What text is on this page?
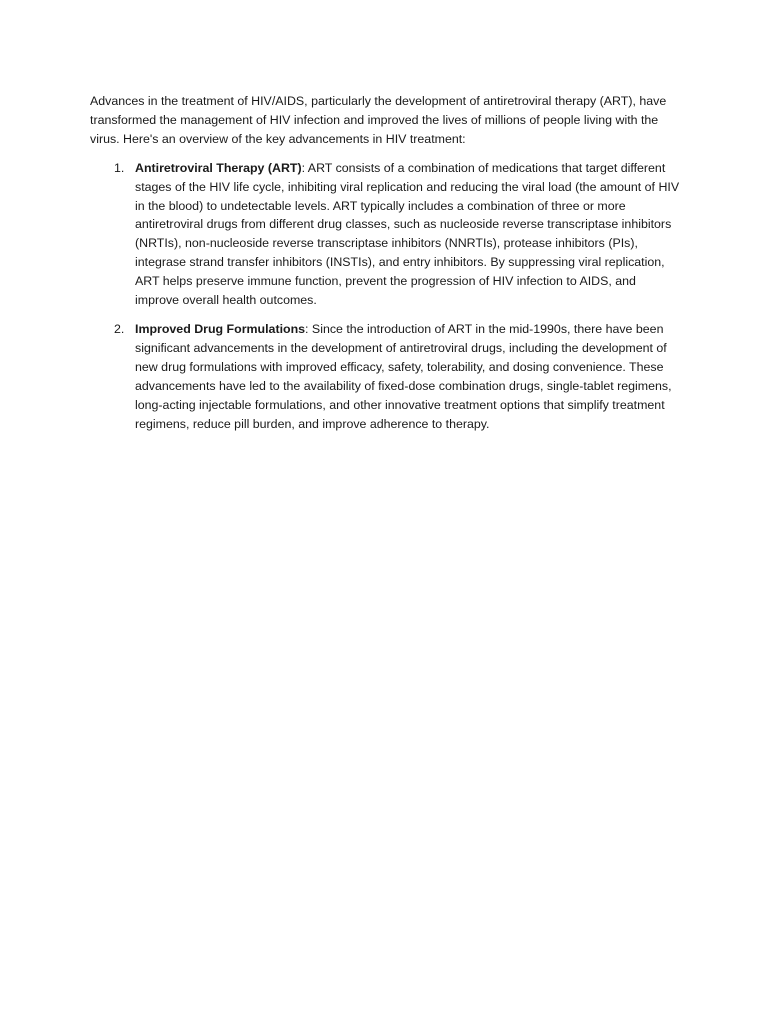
Advances in the treatment of HIV/AIDS, particularly the development of antiretroviral therapy (ART), have transformed the management of HIV infection and improved the lives of millions of people living with the virus. Here's an overview of the key advancements in HIV treatment:

1. Antiretroviral Therapy (ART): ART consists of a combination of medications that target different stages of the HIV life cycle, inhibiting viral replication and reducing the viral load (the amount of HIV in the blood) to undetectable levels. ART typically includes a combination of three or more antiretroviral drugs from different drug classes, such as nucleoside reverse transcriptase inhibitors (NRTIs), non-nucleoside reverse transcriptase inhibitors (NNRTIs), protease inhibitors (PIs), integrase strand transfer inhibitors (INSTIs), and entry inhibitors. By suppressing viral replication, ART helps preserve immune function, prevent the progression of HIV infection to AIDS, and improve overall health outcomes.
2. Improved Drug Formulations: Since the introduction of ART in the mid-1990s, there have been significant advancements in the development of antiretroviral drugs, including the development of new drug formulations with improved efficacy, safety, tolerability, and dosing convenience. These advancements have led to the availability of fixed-dose combination drugs, single-tablet regimens, long-acting injectable formulations, and other innovative treatment options that simplify treatment regimens, reduce pill burden, and improve adherence to therapy.
